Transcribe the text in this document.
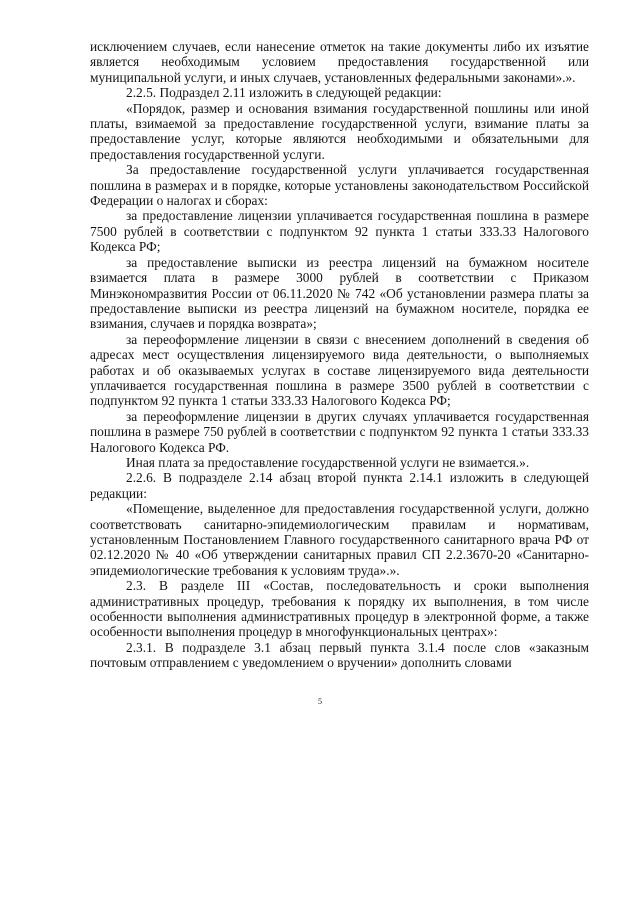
исключением случаев, если нанесение отметок на такие документы либо их изъятие является необходимым условием предоставления государственной или муниципальной услуги, и иных случаев, установленных федеральными законами».».

2.2.5. Подраздел 2.11 изложить в следующей редакции:

«Порядок, размер и основания взимания государственной пошлины или иной платы, взимаемой за предоставление государственной услуги, взимание платы за предоставление услуг, которые являются необходимыми и обязательными для предоставления государственной услуги.

За предоставление государственной услуги уплачивается государственная пошлина в размерах и в порядке, которые установлены законодательством Российской Федерации о налогах и сборах:

за предоставление лицензии уплачивается государственная пошлина в размере 7500 рублей в соответствии с подпунктом 92 пункта 1 статьи 333.33 Налогового Кодекса РФ;

за предоставление выписки из реестра лицензий на бумажном носителе взимается плата в размере 3000 рублей в соответствии с Приказом Минэкономразвития России от 06.11.2020 № 742 «Об установлении размера платы за предоставление выписки из реестра лицензий на бумажном носителе, порядка ее взимания, случаев и порядка возврата»;

за переоформление лицензии в связи с внесением дополнений в сведения об адресах мест осуществления лицензируемого вида деятельности, о выполняемых работах и об оказываемых услугах в составе лицензируемого вида деятельности уплачивается государственная пошлина в размере 3500 рублей в соответствии с подпунктом 92 пункта 1 статьи 333.33 Налогового Кодекса РФ;

за переоформление лицензии в других случаях уплачивается государственная пошлина в размере 750 рублей в соответствии с подпунктом 92 пункта 1 статьи 333.33 Налогового Кодекса РФ.

Иная плата за предоставление государственной услуги не взимается.».

2.2.6. В подразделе 2.14 абзац второй пункта 2.14.1 изложить в следующей редакции:

«Помещение, выделенное для предоставления государственной услуги, должно соответствовать санитарно-эпидемиологическим правилам и нормативам, установленным Постановлением Главного государственного санитарного врача РФ от 02.12.2020 № 40 «Об утверждении санитарных правил СП 2.2.3670-20 «Санитарно-эпидемиологические требования к условиям труда».».

2.3. В разделе III «Состав, последовательность и сроки выполнения административных процедур, требования к порядку их выполнения, в том числе особенности выполнения административных процедур в электронной форме, а также особенности выполнения процедур в многофункциональных центрах»:

2.3.1. В подразделе 3.1 абзац первый пункта 3.1.4 после слов «заказным почтовым отправлением с уведомлением о вручении» дополнить словами

5
